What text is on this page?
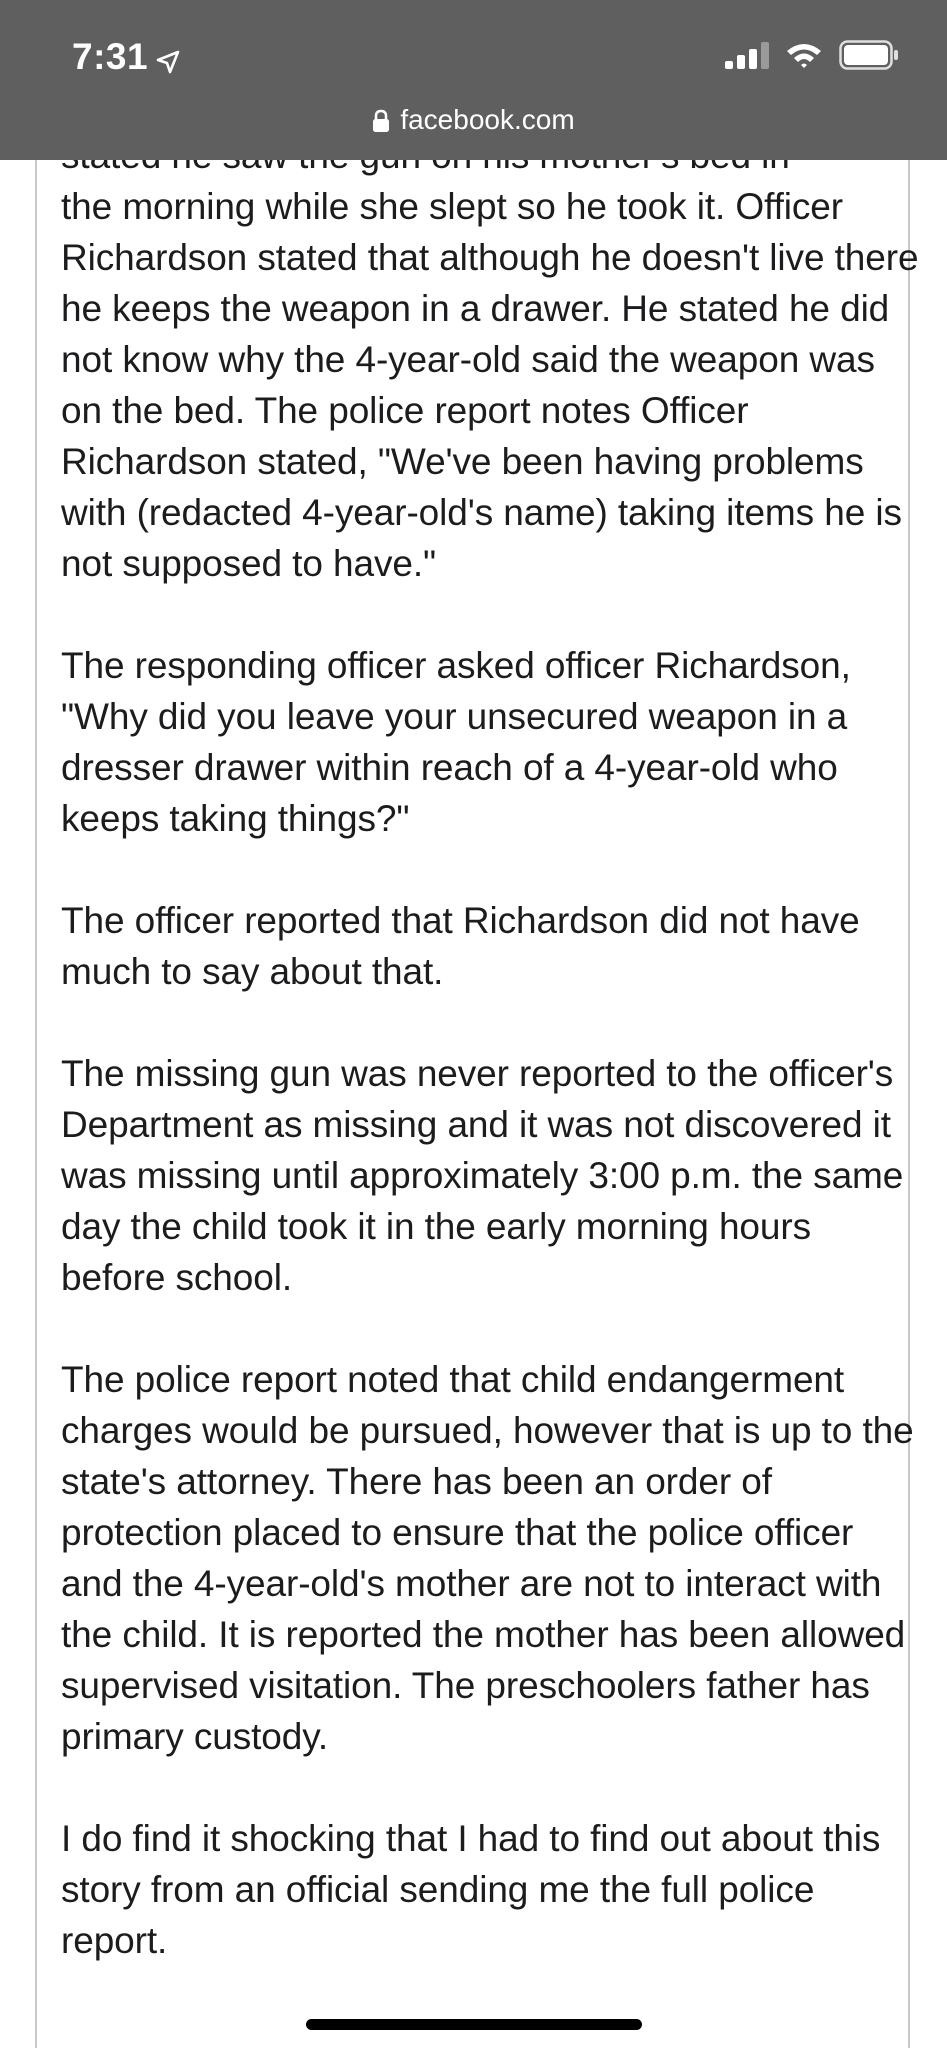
the morning while she slept so he took it. Officer Richardson stated that although he doesn't live there he keeps the weapon in a drawer. He stated he did not know why the 4-year-old said the weapon was on the bed. The police report notes Officer Richardson stated, "We've been having problems with (redacted 4-year-old's name) taking items he is not supposed to have."

The responding officer asked officer Richardson, "Why did you leave your unsecured weapon in a dresser drawer within reach of a 4-year-old who keeps taking things?"

The officer reported that Richardson did not have much to say about that.

The missing gun was never reported to the officer's Department as missing and it was not discovered it was missing until approximately 3:00 p.m. the same day the child took it in the early morning hours before school.

The police report noted that child endangerment charges would be pursued, however that is up to the state's attorney. There has been an order of protection placed to ensure that the police officer and the 4-year-old's mother are not to interact with the child. It is reported the mother has been allowed supervised visitation. The preschoolers father has primary custody.

I do find it shocking that I had to find out about this story from an official sending me the full police report.

7:31
facebook.com
